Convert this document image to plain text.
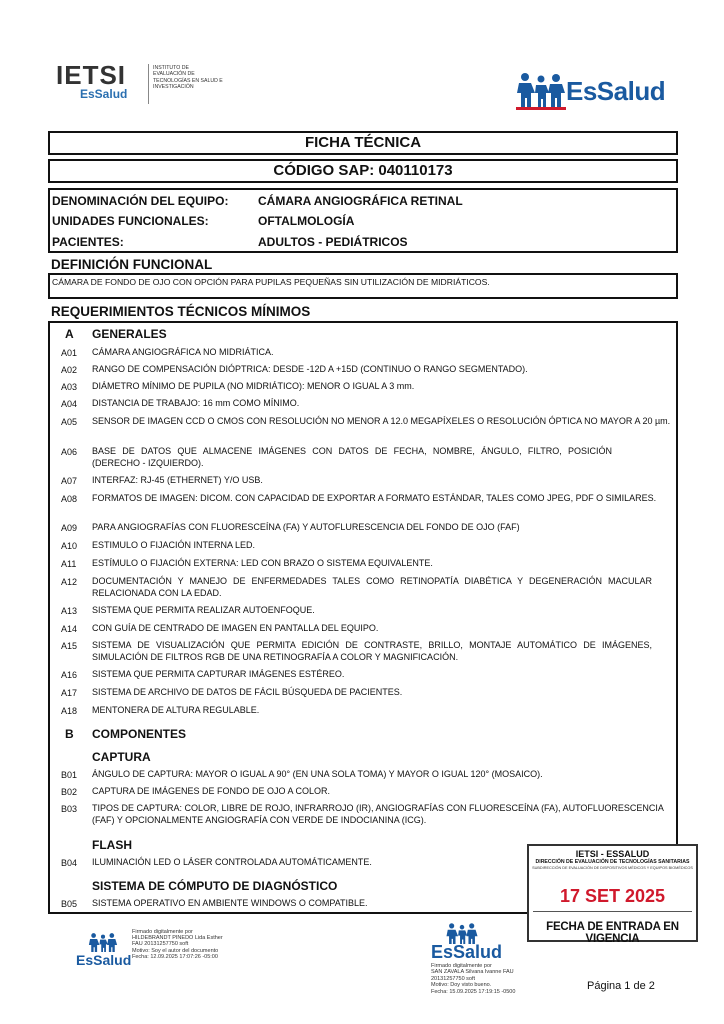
IETSI
EsSalud
INSTITUTO DE EVALUACIÓN DE TECNOLOGÍAS EN SALUD E INVESTIGACIÓN	EsSalud
FICHA TÉCNICA
CÓDIGO SAP: 040110173
DENOMINACIÓN DEL EQUIPO: CÁMARA ANGIOGRÁFICA RETINAL
UNIDADES FUNCIONALES:	OFTALMOLOGÍA
PACIENTES:	ADULTOS - PEDIÁTRICOS
DEFINICIÓN FUNCIONAL
CÁMARA DE FONDO DE OJO CON OPCIÓN PARA PUPILAS PEQUEÑAS SIN UTILIZACIÓN DE MIDRIÁTICOS.
REQUERIMIENTOS TÉCNICOS MÍNIMOS
A GENERALES
A01 CÁMARA ANGIOGRÁFICA NO MIDRIÁTICA.
A02 RANGO DE COMPENSACIÓN DIÓPTRICA: DESDE -12D A +15D (CONTINUO O RANGO SEGMENTADO).
A03 DIÁMETRO MÍNIMO DE PUPILA (NO MIDRIÁTICO): MENOR O IGUAL A 3 mm.
A04 DISTANCIA DE TRABAJO: 16 mm COMO MÍNIMO.
A05 SENSOR DE IMAGEN CCD O CMOS CON RESOLUCIÓN NO MENOR A 12.0 MEGAPÍXELES O RESOLUCIÓN ÓPTICA NO MAYOR A 20 µm.
A06 BASE DE DATOS QUE ALMACENE IMÁGENES CON DATOS DE FECHA, NOMBRE, ÁNGULO, FILTRO, POSICIÓN (DERECHO - IZQUIERDO).
A07 INTERFAZ: RJ-45 (ETHERNET) Y/O USB.
A08 FORMATOS DE IMAGEN: DICOM. CON CAPACIDAD DE EXPORTAR A FORMATO ESTÁNDAR, TALES COMO JPEG, PDF O SIMILARES.
A09 PARA ANGIOGRAFÍAS CON FLUORESCEÍNA (FA) Y AUTOFLURESCENCIA DEL FONDO DE OJO (FAF)
A10 ESTIMULO O FIJACIÓN INTERNA LED.
A11 ESTÍMULO O FIJACIÓN EXTERNA: LED CON BRAZO O SISTEMA EQUIVALENTE.
A12 DOCUMENTACIÓN Y MANEJO DE ENFERMEDADES TALES COMO RETINOPATÍA DIABÉTICA Y DEGENERACIÓN MACULAR RELACIONADA CON LA EDAD.
A13 SISTEMA QUE PERMITA REALIZAR AUTOENFOQUE.
A14 CON GUÍA DE CENTRADO DE IMAGEN EN PANTALLA DEL EQUIPO.
A15 SISTEMA DE VISUALIZACIÓN QUE PERMITA EDICIÓN DE CONTRASTE, BRILLO, MONTAJE AUTOMÁTICO DE IMÁGENES, SIMULACIÓN DE FILTROS RGB DE UNA RETINOGRAFÍA A COLOR Y MAGNIFICACIÓN.
A16 SISTEMA QUE PERMITA CAPTURAR IMÁGENES ESTÉREO.
A17 SISTEMA DE ARCHIVO DE DATOS DE FÁCIL BÚSQUEDA DE PACIENTES.
A18 MENTONERA DE ALTURA REGULABLE.
B COMPONENTES
CAPTURA
B01 ÁNGULO DE CAPTURA: MAYOR O IGUAL A 90° (EN UNA SOLA TOMA) Y MAYOR O IGUAL 120° (MOSAICO).
B02 CAPTURA DE IMÁGENES DE FONDO DE OJO A COLOR.
B03 TIPOS DE CAPTURA: COLOR, LIBRE DE ROJO, INFRARROJO (IR), ANGIOGRAFÍAS CON FLUORESCEÍNA (FA), AUTOFLUORESCENCIA (FAF) Y OPCIONALMENTE ANGIOGRAFÍA CON VERDE DE INDOCIANINA (ICG).
FLASH
B04 ILUMINACIÓN LED O LÁSER CONTROLADA AUTOMÁTICAMENTE.
SISTEMA DE CÓMPUTO DE DIAGNÓSTICO
B05 SISTEMA OPERATIVO EN AMBIENTE WINDOWS O COMPATIBLE.
IETSI - ESSALUD
DIRECCIÓN DE EVALUACIÓN DE TECNOLOGÍAS SANITARIAS
SUBDIRECCIÓN DE EVALUACIÓN DE DISPOSITIVOS MÉDICOS Y EQUIPOS BIOMÉDICOS
17 SET 2025
FECHA DE ENTRADA EN VIGENCIA
EsSalud
Firmado digitalmente por
HILDEBRANDT PINEDO Lida Esther
FAU 20131257750 soft
Motivo: Soy el autor del documento
Fecha: 12.09.2025 17:07:26 -05:00	EsSalud
Firmado digitalmente por
SAN ZAVALA Silvana Ivanne FAU
20131257750 soft
Motivo: Doy visto bueno.
Fecha: 15.09.2025 17:19:15 -0500	Página 1 de 2
